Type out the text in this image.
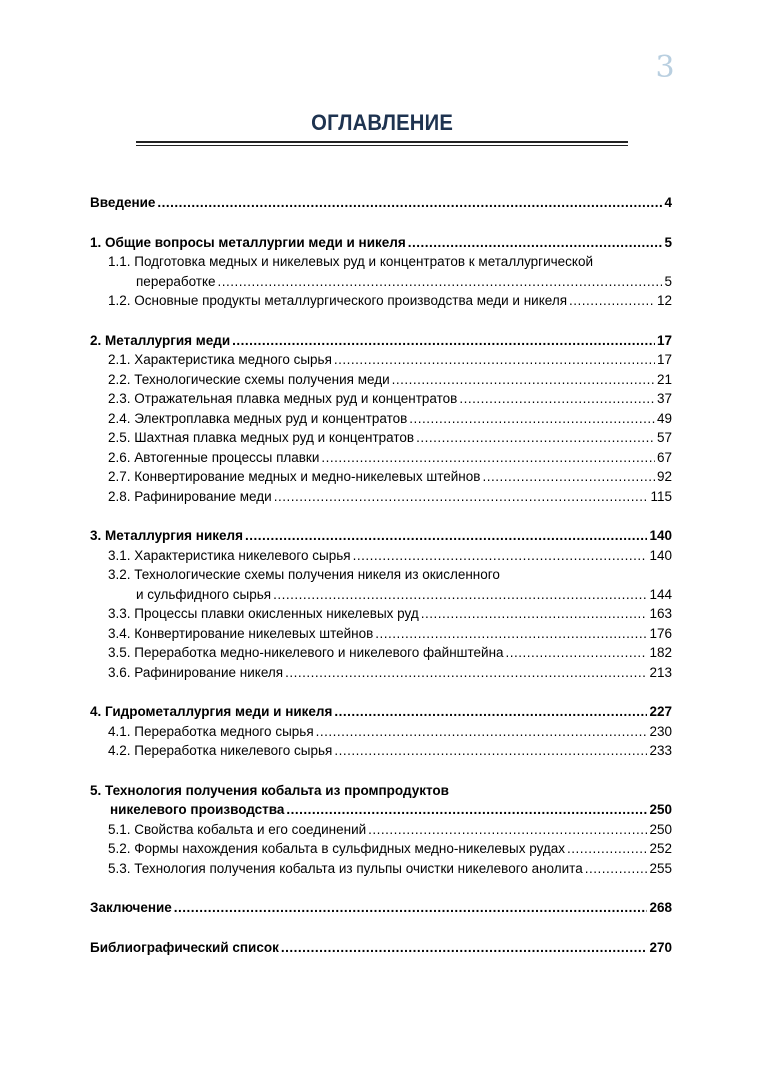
3
ОГЛАВЛЕНИЕ
Введение .....	4
1. Общие вопросы металлургии меди и никеля .....	5
1.1. Подготовка медных и никелевых руд и концентратов к металлургической
переработке .....	5
1.2. Основные продукты металлургического производства меди и никеля .....	12
2. Металлургия меди .....	17
2.1. Характеристика медного сырья .....	17
2.2. Технологические схемы получения меди .....	21
2.3. Отражательная плавка медных руд и концентратов .....	37
2.4. Электроплавка медных руд и концентратов .....	49
2.5. Шахтная плавка медных руд и концентратов .....	57
2.6. Автогенные процессы плавки .....	67
2.7. Конвертирование медных и медно-никелевых штейнов .....	92
2.8. Рафинирование меди .....	115
3. Металлургия никеля .....	140
3.1. Характеристика никелевого сырья .....	140
3.2. Технологические схемы получения никеля из окисленного
и сульфидного сырья .....	144
3.3. Процессы плавки окисленных никелевых руд .....	163
3.4. Конвертирование никелевых штейнов .....	176
3.5. Переработка медно-никелевого и никелевого файнштейна .....	182
3.6. Рафинирование никеля .....	213
4. Гидрометаллургия меди и никеля .....	227
4.1. Переработка медного сырья .....	230
4.2. Переработка никелевого сырья .....	233
5. Технология получения кобальта из промпродуктов
никелевого производства .....	250
5.1. Свойства кобальта и его соединений .....	250
5.2. Формы нахождения кобальта в сульфидных медно-никелевых рудах .....	252
5.3. Технология получения кобальта из пульпы очистки никелевого анолита .....	255
Заключение .....	268
Библиографический список .....	270
